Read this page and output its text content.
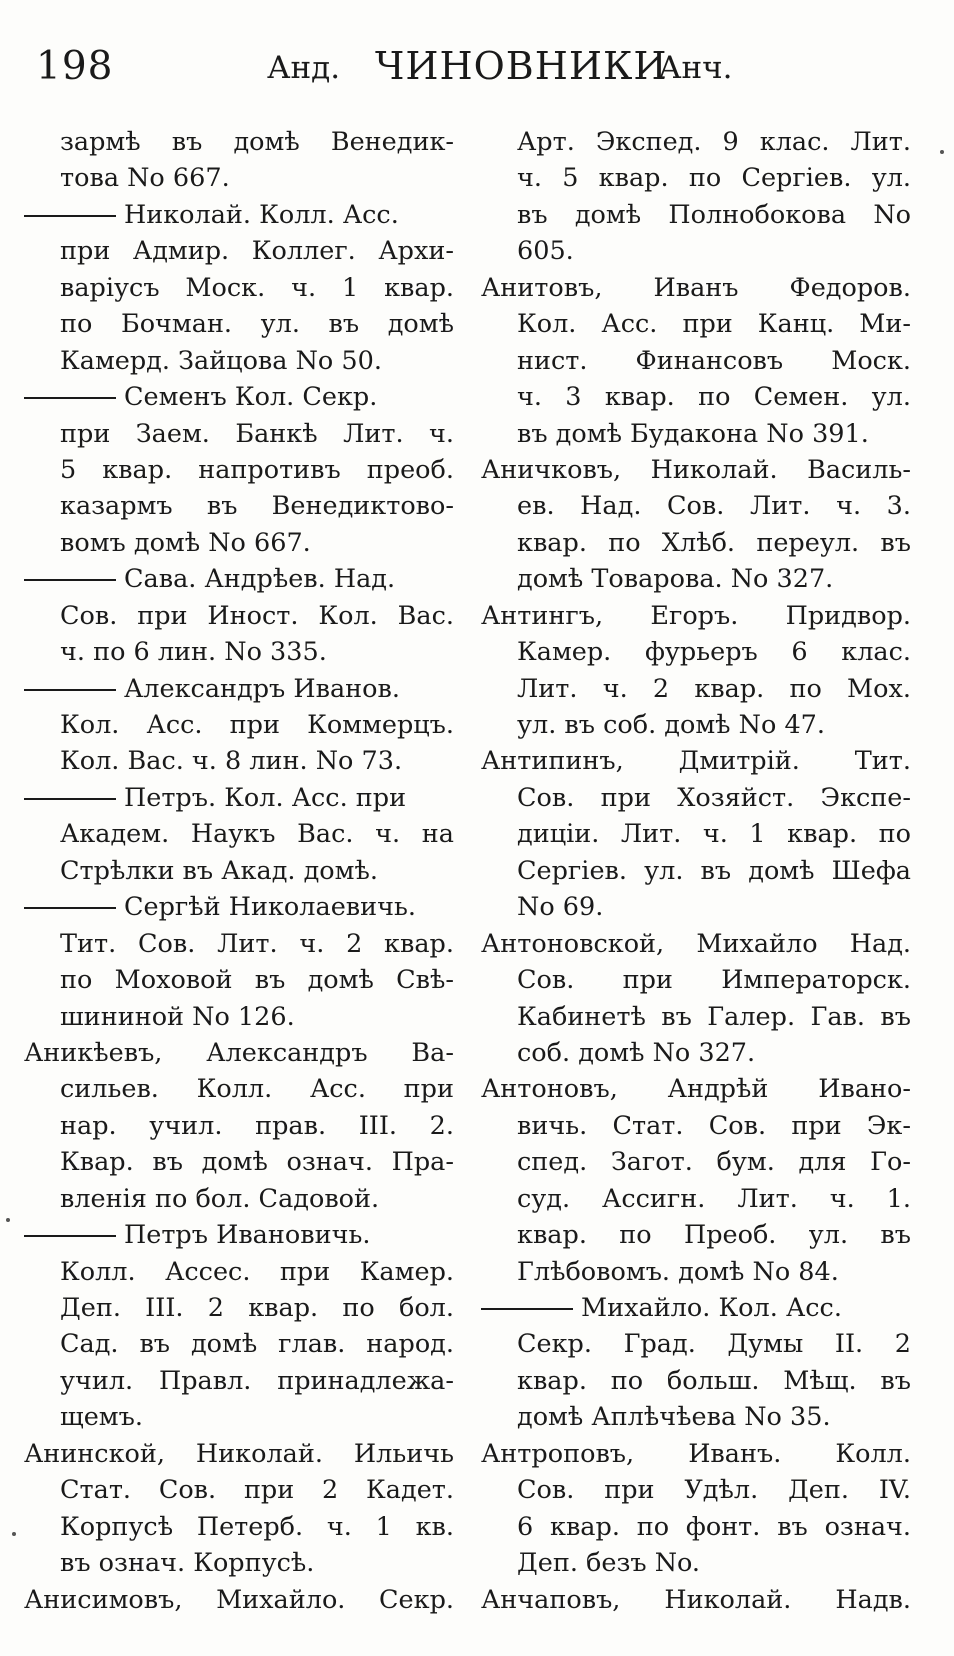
198	Анд. ЧИНОВНИКИ
Анч.
зармѣ въ домѣ Венедик-
това No 667.
Николай. Колл. Асс.
при Адмир. Коллег. Архи-
варіусъ Моск. ч. 1 квар.
по Бочман. ул. въ домѣ
Камерд. Зайцова No 50.
Семенъ Кол. Секр.
при Заем. Банкѣ Лит. ч.
5 квар. напротивъ преоб.
казармъ въ Венедиктово-
вомъ домѣ No 667.
Сава. Андрѣев. Над.
Сов. при Иност. Кол. Вас.
ч. по 6 лин. No 335.
Александръ Иванов.
Кол. Асс. при Коммерцъ.
Кол. Вас. ч. 8 лин. No 73.
Петръ. Кол. Асс. при
Академ. Наукъ Вас. ч. на
Стрѣлки въ Акад. домѣ.
Сергѣй Николаевичь.
Тит. Сов. Лит. ч. 2 квар.
по Моховой въ домѣ Свѣ-
шининой No 126.
Аникѣевъ, Александръ Ва-
сильев. Колл. Асс. при
нар. учил. прав. III. 2.
Квар. въ домѣ означ. Пра-
вленія по бол. Садовой.
Петръ Ивановичь.
Колл. Ассес. при Камер.
Деп. III. 2 квар. по бол.
Сад. въ домѣ глав. народ.
учил. Правл. принадлежа-
щемъ.
Анинской, Николай. Ильичь
Стат. Сов. при 2 Кадет.
Корпусѣ Петерб. ч. 1 кв.
въ означ. Корпусѣ.
Анисимовъ, Михайло. Секр.
Арт. Экспед. 9 клас. Лит.
ч. 5 квар. по Сергіев. ул.
въ домѣ Полнобокова No
605.
Анитовъ, Иванъ Федоров.
Кол. Асс. при Канц. Ми-
нист. Финансовъ Моск.
ч. 3 квар. по Семен. ул.
въ домѣ Будакона No 391.
Аничковъ, Николай. Василь-
ев. Над. Сов. Лит. ч. 3.
квар. по Хлѣб. переул. въ
домѣ Товарова. No 327.
Антингъ, Егоръ. Придвор.
Камер. фурьеръ 6 клас.
Лит. ч. 2 квар. по Мох.
ул. въ соб. домѣ No 47.
Антипинъ, Дмитрій. Тит.
Сов. при Хозяйст. Экспе-
диціи. Лит. ч. 1 квар. по
Сергіев. ул. въ домѣ Шефа
No 69.
Антоновской, Михайло Над.
Сов. при Императорск.
Кабинетѣ въ Галер. Гав. въ
соб. домѣ No 327.
Антоновъ, Андрѣй Ивано-
вичь. Стат. Сов. при Эк-
спед. Загот. бум. для Го-
суд. Ассигн. Лит. ч. 1.
квар. по Преоб. ул. въ
Глѣбовомъ. домѣ No 84.
Михайло. Кол. Асс.
Секр. Град. Думы II. 2
квар. по больш. Мѣщ. въ
домѣ Аплѣчѣева No 35.
Антроповъ, Иванъ. Колл.
Сов. при Удѣл. Деп. IV.
6 квар. по фонт. въ означ.
Деп. безъ No.
Анчаповъ, Николай. Надв.
